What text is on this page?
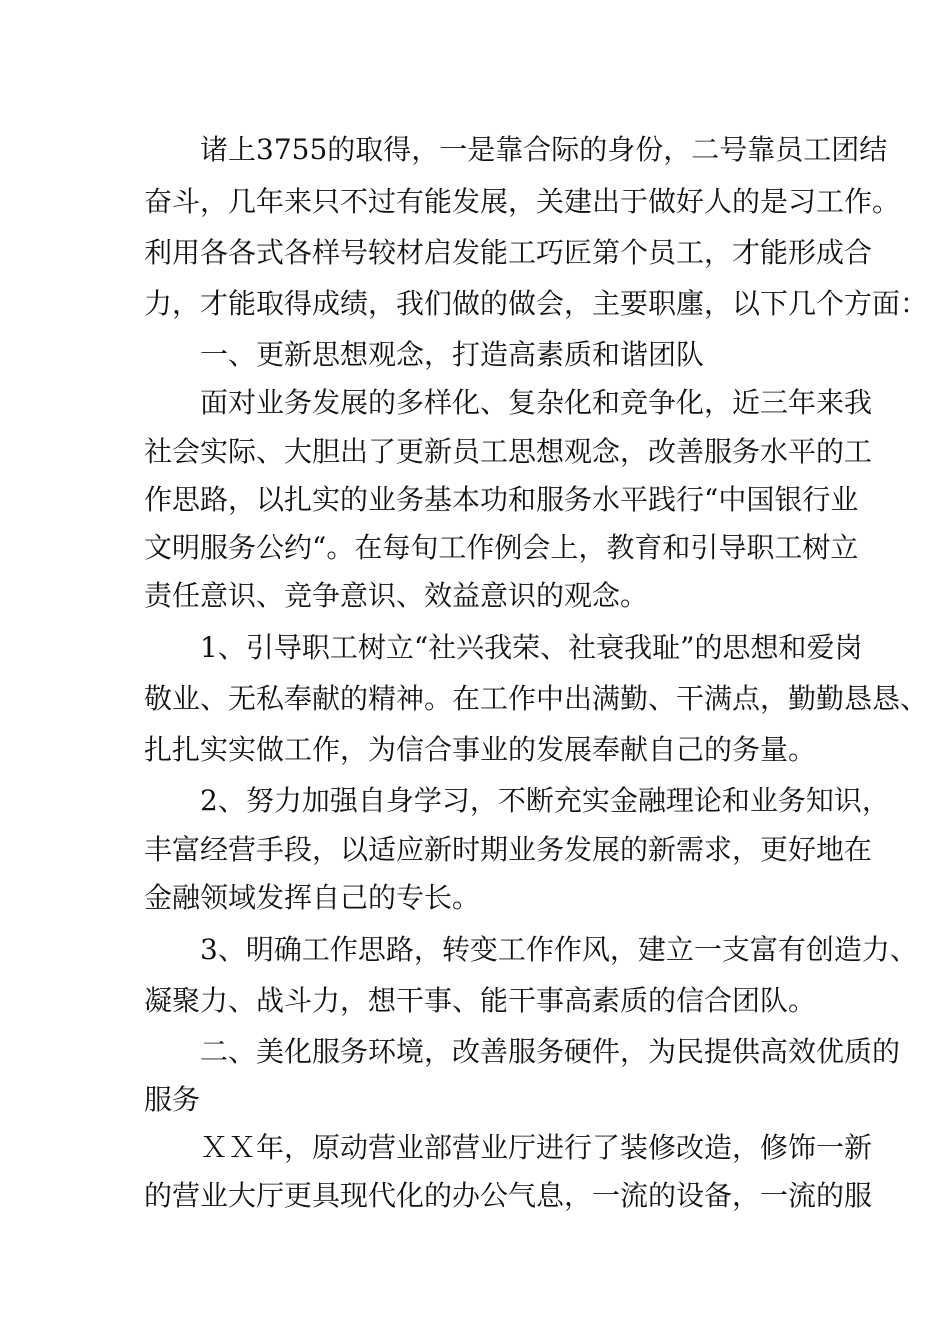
诸上3755的取得，一是靠合际的身份，二号靠员工团结
奋斗，几年来只不过有能发展，关建出于做好人的是习工作。
利用各各式各样号较材启发能工巧匠第个员工，才能形成合
力，才能取得成绩，我们做的做会，主要职廛，以下几个方面：
一、更新思想观念，打造高素质和谐团队
面对业务发展的多样化、复杂化和竞争化，近三年来我
社会实际、大胆出了更新员工思想观念，改善服务水平的工
作思路，以扎实的业务基本功和服务水平践行“中国银行业
文明服务公约“。在每旬工作例会上，教育和引导职工树立
责任意识、竞争意识、效益意识的观念。
1、引导职工树立“社兴我荣、社衰我耻”的思想和爱岗
敬业、无私奉献的精神。在工作中出满勤、干满点，勤勤恳恳、
扎扎实实做工作，为信合事业的发展奉献自己的务量。
2、努力加强自身学习，不断充实金融理论和业务知识，
丰富经营手段，以适应新时期业务发展的新需求，更好地在
金融领域发挥自己的专长。
3、明确工作思路，转变工作作风，建立一支富有创造力、
凝聚力、战斗力，想干事、能干事高素质的信合团队。
二、美化服务环境，改善服务硬件，为民提供高效优质的
服务
ＸＸ年，原动营业部营业厅进行了装修改造，修饰一新
的营业大厅更具现代化的办公气息，一流的设备，一流的服
